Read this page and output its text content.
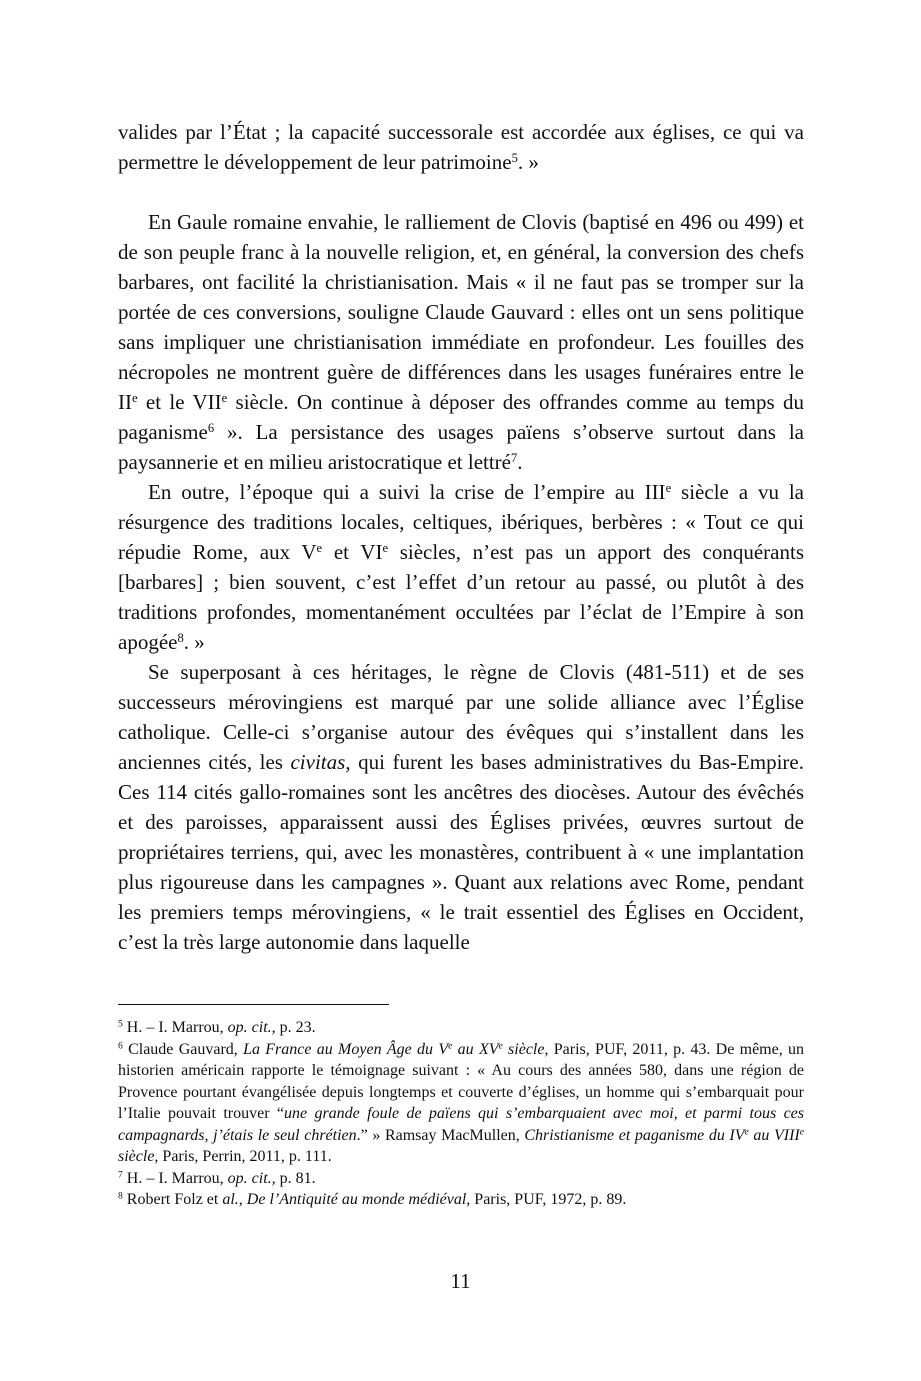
valides par l’État ; la capacité successorale est accordée aux églises, ce qui va permettre le développement de leur patrimoine$^5$. »

En Gaule romaine envahie, le ralliement de Clovis (baptisé en 496 ou 499) et de son peuple franc à la nouvelle religion, et, en général, la conversion des chefs barbares, ont facilité la christianisation. Mais « il ne faut pas se tromper sur la portée de ces conversions, souligne Claude Gauvard : elles ont un sens politique sans impliquer une christianisation immédiate en profondeur. Les fouilles des nécropoles ne montrent guère de différences dans les usages funéraires entre le IIe et le VIIe siècle. On continue à déposer des offrandes comme au temps du paganisme$^6$ ». La persistance des usages païens s’observe surtout dans la paysannerie et en milieu aristocratique et lettré$^7$.

En outre, l’époque qui a suivi la crise de l’empire au IIIe siècle a vu la résurgence des traditions locales, celtiques, ibériques, berbères : « Tout ce qui répudie Rome, aux Ve et VIe siècles, n’est pas un apport des conquérants [barbares] ; bien souvent, c’est l’effet d’un retour au passé, ou plutôt à des traditions profondes, momentanément occultées par l’éclat de l’Empire à son apogée$^8$. »

Se superposant à ces héritages, le règne de Clovis (481-511) et de ses successeurs mérovingiens est marqué par une solide alliance avec l’Église catholique. Celle-ci s’organise autour des évêques qui s’installent dans les anciennes cités, les civitas, qui furent les bases administratives du Bas-Empire. Ces 114 cités gallo-romaines sont les ancêtres des diocèses. Autour des évêchés et des paroisses, apparaissent aussi des Églises privées, œuvres surtout de propriétaires terriens, qui, avec les monastères, contribuent à « une implantation plus rigoureuse dans les campagnes ». Quant aux relations avec Rome, pendant les premiers temps mérovingiens, « le trait essentiel des Églises en Occident, c’est la très large autonomie dans laquelle

$^5$ H. – I. Marrou, op. cit., p. 23.

$^6$ Claude Gauvard, La France au Moyen Âge du Ve au XVe siècle, Paris, PUF, 2011, p. 43. De même, un historien américain rapporte le témoignage suivant : « Au cours des années 580, dans une région de Provence pourtant évangélisée depuis longtemps et couverte d’églises, un homme qui s’embarquait pour l’Italie pouvait trouver “une grande foule de païens qui s’embarquaient avec moi, et parmi tous ces campagnards, j’étais le seul chrétien.” » Ramsay MacMullen, Christianisme et paganisme du IVe au VIIIe siècle, Paris, Perrin, 2011, p. 111.

$^7$ H. – I. Marrou, op. cit., p. 81.

$^8$ Robert Folz et al., De l’Antiquité au monde médiéval, Paris, PUF, 1972, p. 89.

11
